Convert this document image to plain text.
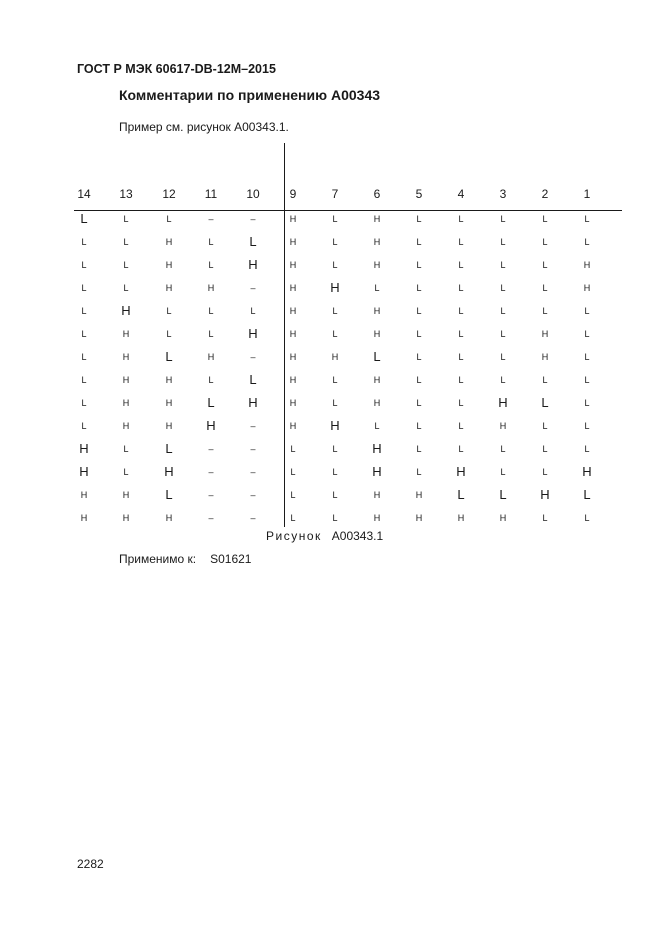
ГОСТ Р МЭК 60617-DB-12M–2015
Комментарии по применению A00343
Пример см. рисунок A00343.1.
14	13	12	11	10	9	7	6	5	4	3	2	1
L	L	L	–	–	H	L	H	L	L	L	L	L
L	L	H	L	L	H	L	H	L	L	L	L	L
L	L	H	L	H	H	L	H	L	L	L	L	H
L	L	H	H	–	H	H	L	L	L	L	L	H
L	H	L	L	L	H	L	H	L	L	L	L	L
L	H	L	L	H	H	L	H	L	L	L	H	L
L	H	L	H	–	H	H	L	L	L	L	H	L
L	H	H	L	L	H	L	H	L	L	L	L	L
L	H	H	L	H	H	L	H	L	L	H	L	L
L	H	H	H	–	H	H	L	L	L	H	L	L
H	L	L	–	–	L	L	H	L	L	L	L	L
H	L	H	–	–	L	L	H	L	H	L	L	H
H	H	L	–	–	L	L	H	H	L	L	H	L
H	H	H	–	–	L	L	H	H	H	H	L	L
Рисунок A00343.1
Применимо к: S01621
2282
